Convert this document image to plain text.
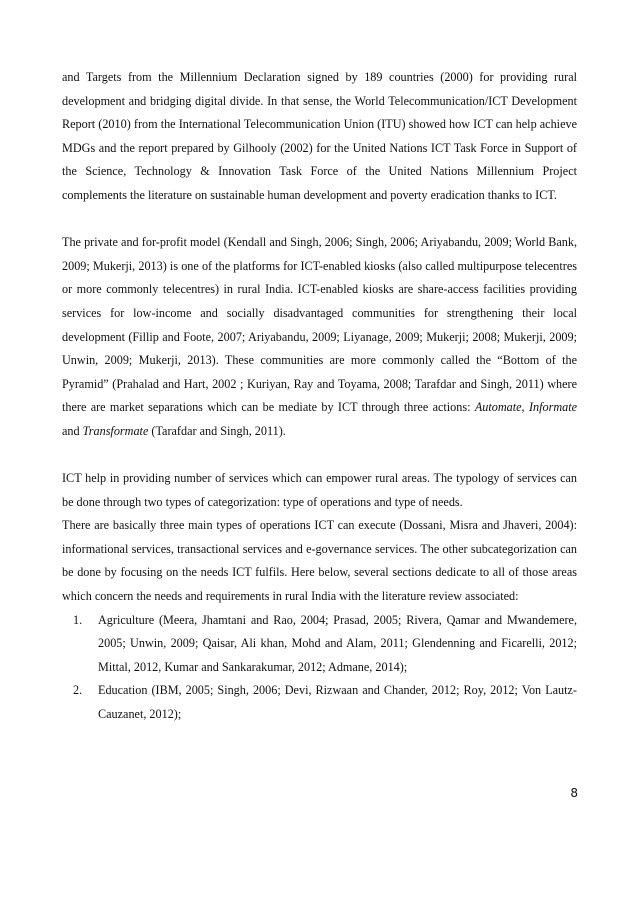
and Targets from the Millennium Declaration signed by 189 countries (2000) for providing rural development and bridging digital divide. In that sense, the World Telecommunication/ICT Development Report (2010) from the International Telecommunication Union (ITU) showed how ICT can help achieve MDGs and the report prepared by Gilhooly (2002) for the United Nations ICT Task Force in Support of the Science, Technology & Innovation Task Force of the United Nations Millennium Project complements the literature on sustainable human development and poverty eradication thanks to ICT.

The private and for-profit model (Kendall and Singh, 2006; Singh, 2006; Ariyabandu, 2009; World Bank, 2009; Mukerji, 2013) is one of the platforms for ICT-enabled kiosks (also called multipurpose telecentres or more commonly telecentres) in rural India. ICT-enabled kiosks are share-access facilities providing services for low-income and socially disadvantaged communities for strengthening their local development (Fillip and Foote, 2007; Ariyabandu, 2009; Liyanage, 2009; Mukerji; 2008; Mukerji, 2009; Unwin, 2009; Mukerji, 2013). These communities are more commonly called the “Bottom of the Pyramid” (Prahalad and Hart, 2002 ; Kuriyan, Ray and Toyama, 2008; Tarafdar and Singh, 2011) where there are market separations which can be mediate by ICT through three actions: Automate, Informate and Transformate (Tarafdar and Singh, 2011).

ICT help in providing number of services which can empower rural areas. The typology of services can be done through two types of categorization: type of operations and type of needs.

There are basically three main types of operations ICT can execute (Dossani, Misra and Jhaveri, 2004): informational services, transactional services and e-governance services. The other subcategorization can be done by focusing on the needs ICT fulfils. Here below, several sections dedicate to all of those areas which concern the needs and requirements in rural India with the literature review associated:

1. Agriculture (Meera, Jhamtani and Rao, 2004; Prasad, 2005; Rivera, Qamar and Mwandemere, 2005; Unwin, 2009; Qaisar, Ali khan, Mohd and Alam, 2011; Glendenning and Ficarelli, 2012; Mittal, 2012, Kumar and Sankarakumar, 2012; Admane, 2014);
2. Education (IBM, 2005; Singh, 2006; Devi, Rizwaan and Chander, 2012; Roy, 2012; Von Lautz-Cauzanet, 2012);
8
